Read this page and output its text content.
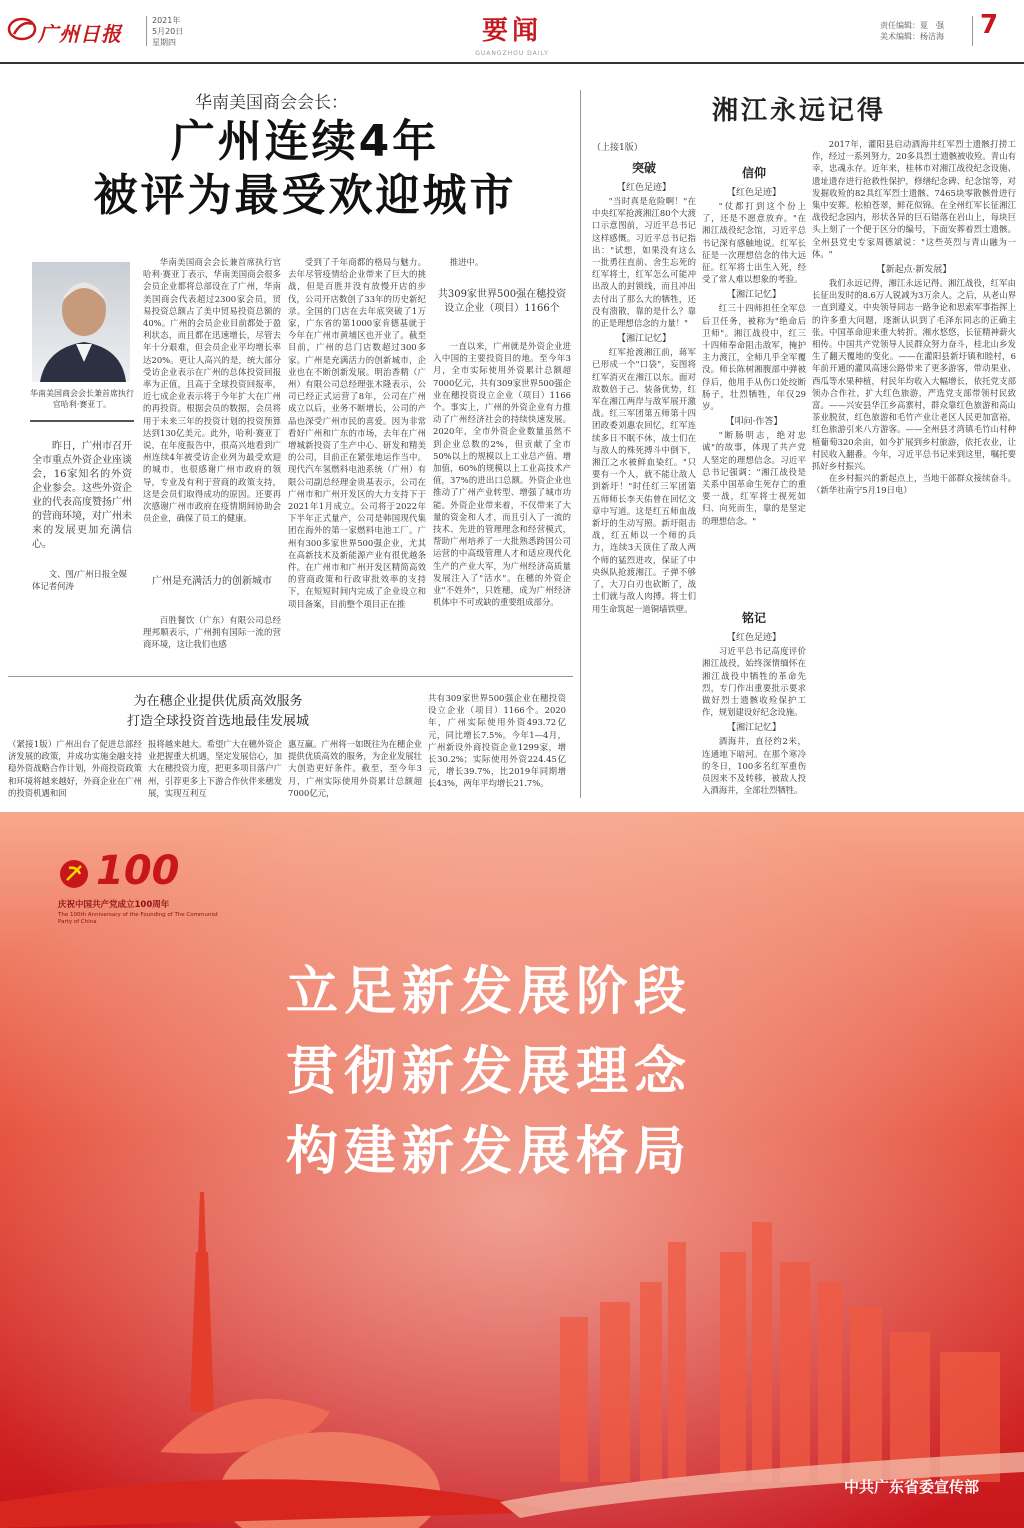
广州日报
2021年
5月20日
星期四	要闻
GUANGZHOU DAILY
责任编辑：夏　强
美术编辑：杨洁海 7
华南美国商会会长：
广州连续4年
被评为最受欢迎城市
华南美国商会会长兼首席执行官哈利·赛亚丁。

昨日，广州市召开全市重点外资企业座谈会，16家知名的外资企业参会。这些外资企业的代表高度赞扬广州的营商环境，对广州未来的发展更加充满信心。

文、图/广州日报全媒体记者何涛

华南美国商会会长兼首席执行官哈利·赛亚丁表示，华南美国商会很多会员企业都将总部设在了广州，华南美国商会代表超过2300家会员，贸易投资总额占了美中贸易投资总额的40%。广州的会员企业目前都处于盈利状态，而且都在迅速增长，尽管去年十分艰难，但会员企业平均增长率达20%。更让人高兴的是，统大部分受访企业表示在广州的总体投资回报率为正值，且高于全球投资回报率，近七成企业表示将于今年扩大在广州的再投资。根据会员的数据，会员将用于未来三年的投资计划的投资预算达到130亿美元。此外，哈利·赛亚丁说，在年度报告中，很高兴地看到广州连续4年被受访企业列为最受欢迎的城市，也很感谢广州市政府的领导，专业及有利于营商的政策支持，这是会员们取得成功的原因。还要再次感谢广州市政府在疫情期间协助会员企业，确保了员工的健康。

广州是充满活力的创新城市

百胜餐饮（广东）有限公司总经理邦顺表示，广州拥有国际一流的营商环境，这让我们也感

受到了千年商都的格局与魅力。去年尽管疫情给企业带来了巨大的挑战，但是百胜并没有放慢开店的步伐，公司开店数创了33年的历史新纪录。全国的门店在去年底突破了1万家，广东省的第1000家肯德基就于今年在广州市黄埔区也开业了。截至目前，广州的总门店数超过300多家。广州是充满活力的创新城市，企业也在不断创新发展。明治香精（广州）有限公司总经理张木隆表示，公司已经正式运营了8年，公司在广州成立以后，业务不断增长，公司的产品也深受广州市民的喜爱。因为非常看好广州和广东的市场，去年在广州增城新投资了生产中心、研发和精美的公司，目前正在紧张地运作当中。现代汽车氢燃料电池系统（广州）有限公司副总经理金贵基表示，公司在广州市和广州开发区的大力支持下于2021年1月成立。公司将于2022年下半年正式量产，公司是韩国现代集团在海外的第一家燃料电池工厂。广州有300多家世界500强企业，尤其在高新技术及新能源产业有很优越条件。在广州市和广州开发区精简高效的营商政策和行政审批效率的支持下，在短短时间内完成了企业设立和项目备案，目前整个项目正在推

推进中。

共309家世界500强在穗投资设立企业（项目）1166个

一直以来，广州就是外资企业进入中国的主要投资目的地。至今年3月，全市实际使用外资累计总额超7000亿元，共有309家世界500强企业在穗投资设立企业（项目）1166个。事实上，广州的外资企业有力推动了广州经济社会的持续快速发展。2020年，全市外资企业数量虽然不到企业总数的2%，但贡献了全市50%以上的规模以上工业总产值、增加值，60%的规模以上工业高技术产值，37%的进出口总额。外资企业也推动了广州产业转型、增强了城市功能。外资企业带来着，不仅带来了大量的资金和人才，而且引入了一流的技术、先进的管理理念和经营模式，帮助广州培养了一大批熟悉跨国公司运营的中高级管理人才和适应现代化生产的产业大军，为广州经济高质量发展注入了"活水"。在穗的外资企业"不姓外"，只姓穗，成为广州经济机体中不可或缺的重要组成部分。

为在穗企业提供优质高效服务
打造全球投资首选地最佳发展城

（紧接1版）广州出台了促进总部经济发展的政策，并成功实施金融支持稳外资战略合作计划，外商投资政策和环境将越来越好，外商企业在广州的投资机遇和回

报将越来越大。希望广大在穗外资企业把握重大机遇，坚定发展信心，加大在穗投资力度，把更多项目落户广州，引荐更多上下游合作伙伴来穗发展，实现互利互

惠互赢。广州将一如既往为在穗企业提供优质高效的服务，为企业发展壮大创造更好条件。截至，至今年3月，广州实际使用外资累计总额超7000亿元，

共有309家世界500强企业在穗投资设立企业（项目）1166个。2020年，广州实际使用外资493.72亿元，同比增长7.5%。今年1—4月，广州新设外商投资企业1299家，增长30.2%；实际使用外资224.45亿元，增长39.7%，比2019年同期增长43%，两年平均增长21.7%。

湘江永远记得
（上接1版）
突破
【红色足迹】

"当时真是危险啊！"在中央红军抢渡湘江80个大渡口示意图前，习近平总书记这样感慨。习近平总书记指出："试想，如果没有这么一批勇往直前、舍生忘死的红军将士，红军怎么可能冲出敌人的封锁线，而且冲出去付出了那么大的牺牲，还没有溃散，靠的是什么？靠的正是理想信念的力量！"

【湘江记忆】

红军抢渡湘江前，蒋军已形成一个"口袋"，妄图将红军消灭在湘江以东。面对敌数倍于己、装备优势，红军在湘江两岸与敌军展开激战。红三军团第五师第十四团政委刘惠农回忆，红军连续多日不眠不休，战士们在与敌人的殊死搏斗中倒下，湘江之水被鲜血染红。"只要有一个人，就不能让敌人到新圩！"时任红三军团第五师师长李天佑曾在回忆文章中写道。这是红五师血战新圩的生动写照。新圩阻击战，红五师以一个师的兵力，连续3天顶住了敌人两个师的猛烈进攻，保证了中央纵队抢渡湘江。子弹不够了，大刀白刃也砍断了，战士们就与敌人肉搏。将士们用生命筑起一道铜墙铁壁。

信仰
【红色足迹】

"仗都打到这个份上了，还是不愿意放弃。"在湘江战役纪念馆，习近平总书记深有感触地说。红军长征是一次理想信念的伟大远征。红军将士出生入死，经受了常人难以想象的考验。

【湘江记忆】

红三十四师担任全军总后卫任务，被称为"绝命后卫师"。湘江战役中，红三十四师奉命阻击敌军，掩护主力渡江，全师几乎全军覆没。师长陈树湘腹部中弹被俘后，他用手从伤口处绞断肠子，壮烈牺牲，年仅29岁。

【叩问·作答】

"断肠明志，绝对忠诚"的故事，体现了共产党人坚定的理想信念。习近平总书记强调："湘江战役是关系中国革命生死存亡的重要一战，红军将士视死如归、向死而生，靠的是坚定的理想信念。"

铭记
【红色足迹】

习近平总书记高度评价湘江战役，始终深情缅怀在湘江战役中牺牲的革命先烈，专门作出重要批示要求做好烈士遗骸收殓保护工作，规划建设好纪念设施。

【湘江记忆】

酒海井，直径约2米，连通地下暗河。在那个寒冷的冬日，100多名红军重伤员因来不及转移，被敌人投入酒海井，全部壮烈牺牲。

2017年，灌阳县启动酒海井红军烈士遗骸打捞工作，经过一系列努力，20多具烈士遗骸被收殓。青山有幸，忠魂永存。近年来，桂林市对湘江战役纪念设施、遗址遗存进行抢救性保护，修缮纪念碑、纪念馆等，对发掘收殓的82具红军烈士遗骸、7465块零散骸骨进行集中安葬。松柏苍翠，鲜花似锦。在全州红军长征湘江战役纪念园内，形状各异的巨石错落在岩山上，每块巨头上刻了一个便于区分的编号，下面安葬着烈士遗骸。全州县党史专家周德斌说："这些英烈与青山融为一体。"

【新起点·新发展】

我们永远记得，湘江永远记得。湘江战役，红军由长征出发时的8.6万人锐减为3万余人。之后，从老山界一直到遵义，中央领导同志一路争论和思索军事指挥上的许多重大问题，逐渐认识到了毛泽东同志的正确主张。中国革命迎来重大转折。湘水悠悠，长征精神薪火相传。中国共产党领导人民群众努力奋斗，桂北山乡发生了翻天覆地的变化。——在灌阳县新圩镇和睦村，6年前开通的灌凤高速公路带来了更多游客，带动果业、西瓜等水果种植，村民年均收入大幅增长，依托党支部领办合作社，扩大红色旅游，严选党支部带领村民致富。——兴安县华江乡高寨村，群众靠红色旅游和高山茶业脱贫，红色旅游和毛竹产业让老区人民更加富裕，红色旅游引来八方游客。——全州县才湾镇毛竹山村种植葡萄320余亩，如今扩展到乡村旅游，依托农业，让村民收入翻番。今年，习近平总书记来到这里，嘱托要抓好乡村振兴。

在乡村振兴的新起点上，当地干部群众接续奋斗。（新华社南宁5月19日电）

100
庆祝中国共产党成立100周年
The 100th Anniversary of the Founding of The Communist Party of China
立足新发展阶段
贯彻新发展理念
构建新发展格局
中共广东省委宣传部
